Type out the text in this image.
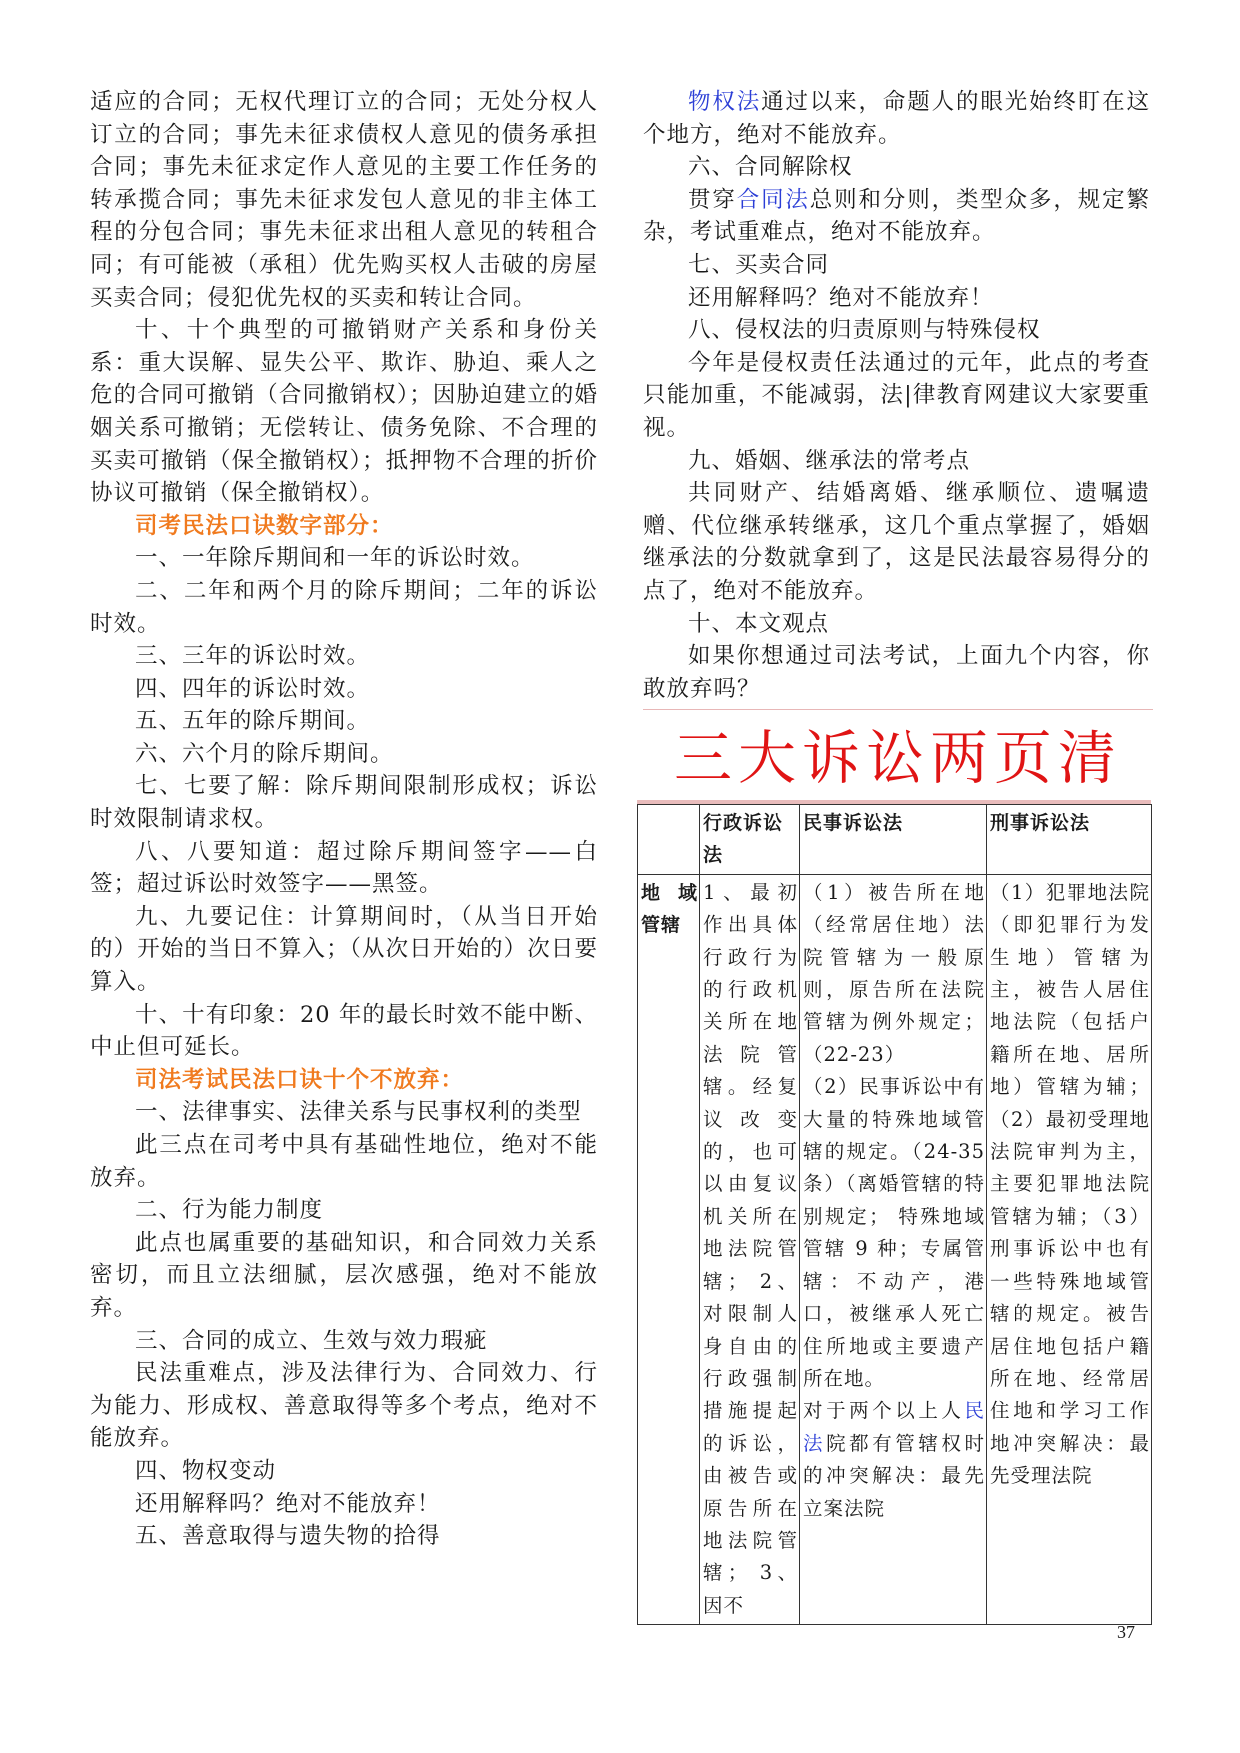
适应的合同；无权代理订立的合同；无处分权人订立的合同；事先未征求债权人意见的债务承担合同；事先未征求定作人意见的主要工作任务的转承揽合同；事先未征求发包人意见的非主体工程的分包合同；事先未征求出租人意见的转租合同；有可能被（承租）优先购买权人击破的房屋买卖合同；侵犯优先权的买卖和转让合同。

十、十个典型的可撤销财产关系和身份关系：重大误解、显失公平、欺诈、胁迫、乘人之危的合同可撤销（合同撤销权）；因胁迫建立的婚姻关系可撤销；无偿转让、债务免除、不合理的买卖可撤销（保全撤销权）；抵押物不合理的折价协议可撤销（保全撤销权）。

司考民法口诀数字部分：

一、一年除斥期间和一年的诉讼时效。

二、二年和两个月的除斥期间；二年的诉讼时效。

三、三年的诉讼时效。

四、四年的诉讼时效。

五、五年的除斥期间。

六、六个月的除斥期间。

七、七要了解：除斥期间限制形成权；诉讼时效限制请求权。

八、八要知道：超过除斥期间签字——白签；超过诉讼时效签字——黑签。

九、九要记住：计算期间时，（从当日开始的）开始的当日不算入；（从次日开始的）次日要算入。

十、十有印象：20 年的最长时效不能中断、中止但可延长。

司法考试民法口诀十个不放弃：

一、法律事实、法律关系与民事权利的类型

此三点在司考中具有基础性地位，绝对不能放弃。

二、行为能力制度

此点也属重要的基础知识，和合同效力关系密切，而且立法细腻，层次感强，绝对不能放弃。

三、合同的成立、生效与效力瑕疵

民法重难点，涉及法律行为、合同效力、行为能力、形成权、善意取得等多个考点，绝对不能放弃。

四、物权变动

还用解释吗？绝对不能放弃！

五、善意取得与遗失物的拾得

物权法通过以来，命题人的眼光始终盯在这个地方，绝对不能放弃。

六、合同解除权

贯穿合同法总则和分则，类型众多，规定繁杂，考试重难点，绝对不能放弃。

七、买卖合同

还用解释吗？绝对不能放弃！

八、侵权法的归责原则与特殊侵权

今年是侵权责任法通过的元年，此点的考查只能加重，不能减弱，法|律教育网建议大家要重视。

九、婚姻、继承法的常考点

共同财产、结婚离婚、继承顺位、遗嘱遗赠、代位继承转继承，这几个重点掌握了，婚姻继承法的分数就拿到了，这是民法最容易得分的点了，绝对不能放弃。

十、本文观点

如果你想通过司法考试，上面九个内容，你敢放弃吗？

三大诉讼两页清
	行政诉讼法	民事诉讼法	刑事诉讼法
地域管辖	1、最初作出具体行政行为的行政机关所在地法院管辖。经复议改变的，也可以由复议机关所在地法院管辖； 2、对限制人身自由的行政强制措施提起的诉讼，由被告或原告所在地法院管辖； 3、因不	（1）被告所在地（经常居住地）法院管辖为一般原则，原告所在法院管辖为例外规定；（22-23）
（2）民事诉讼中有大量的特殊地域管辖的规定。（24-35条）（离婚管辖的特别规定； 特殊地域管辖 9 种；专属管辖：不动产，港口，被继承人死亡住所地或主要遗产所在地。
对于两个以上人民法院都有管辖权时的冲突解决：最先立案法院	（1）犯罪地法院（即犯罪行为发生地）管辖为主，被告人居住地法院（包括户籍所在地、居所地）管辖为辅；（2）最初受理地法院审判为主，主要犯罪地法院管辖为辅；（3）刑事诉讼中也有一些特殊地域管辖的规定。被告居住地包括户籍所在地、经常居住地和学习工作地冲突解决：最先受理法院
37
